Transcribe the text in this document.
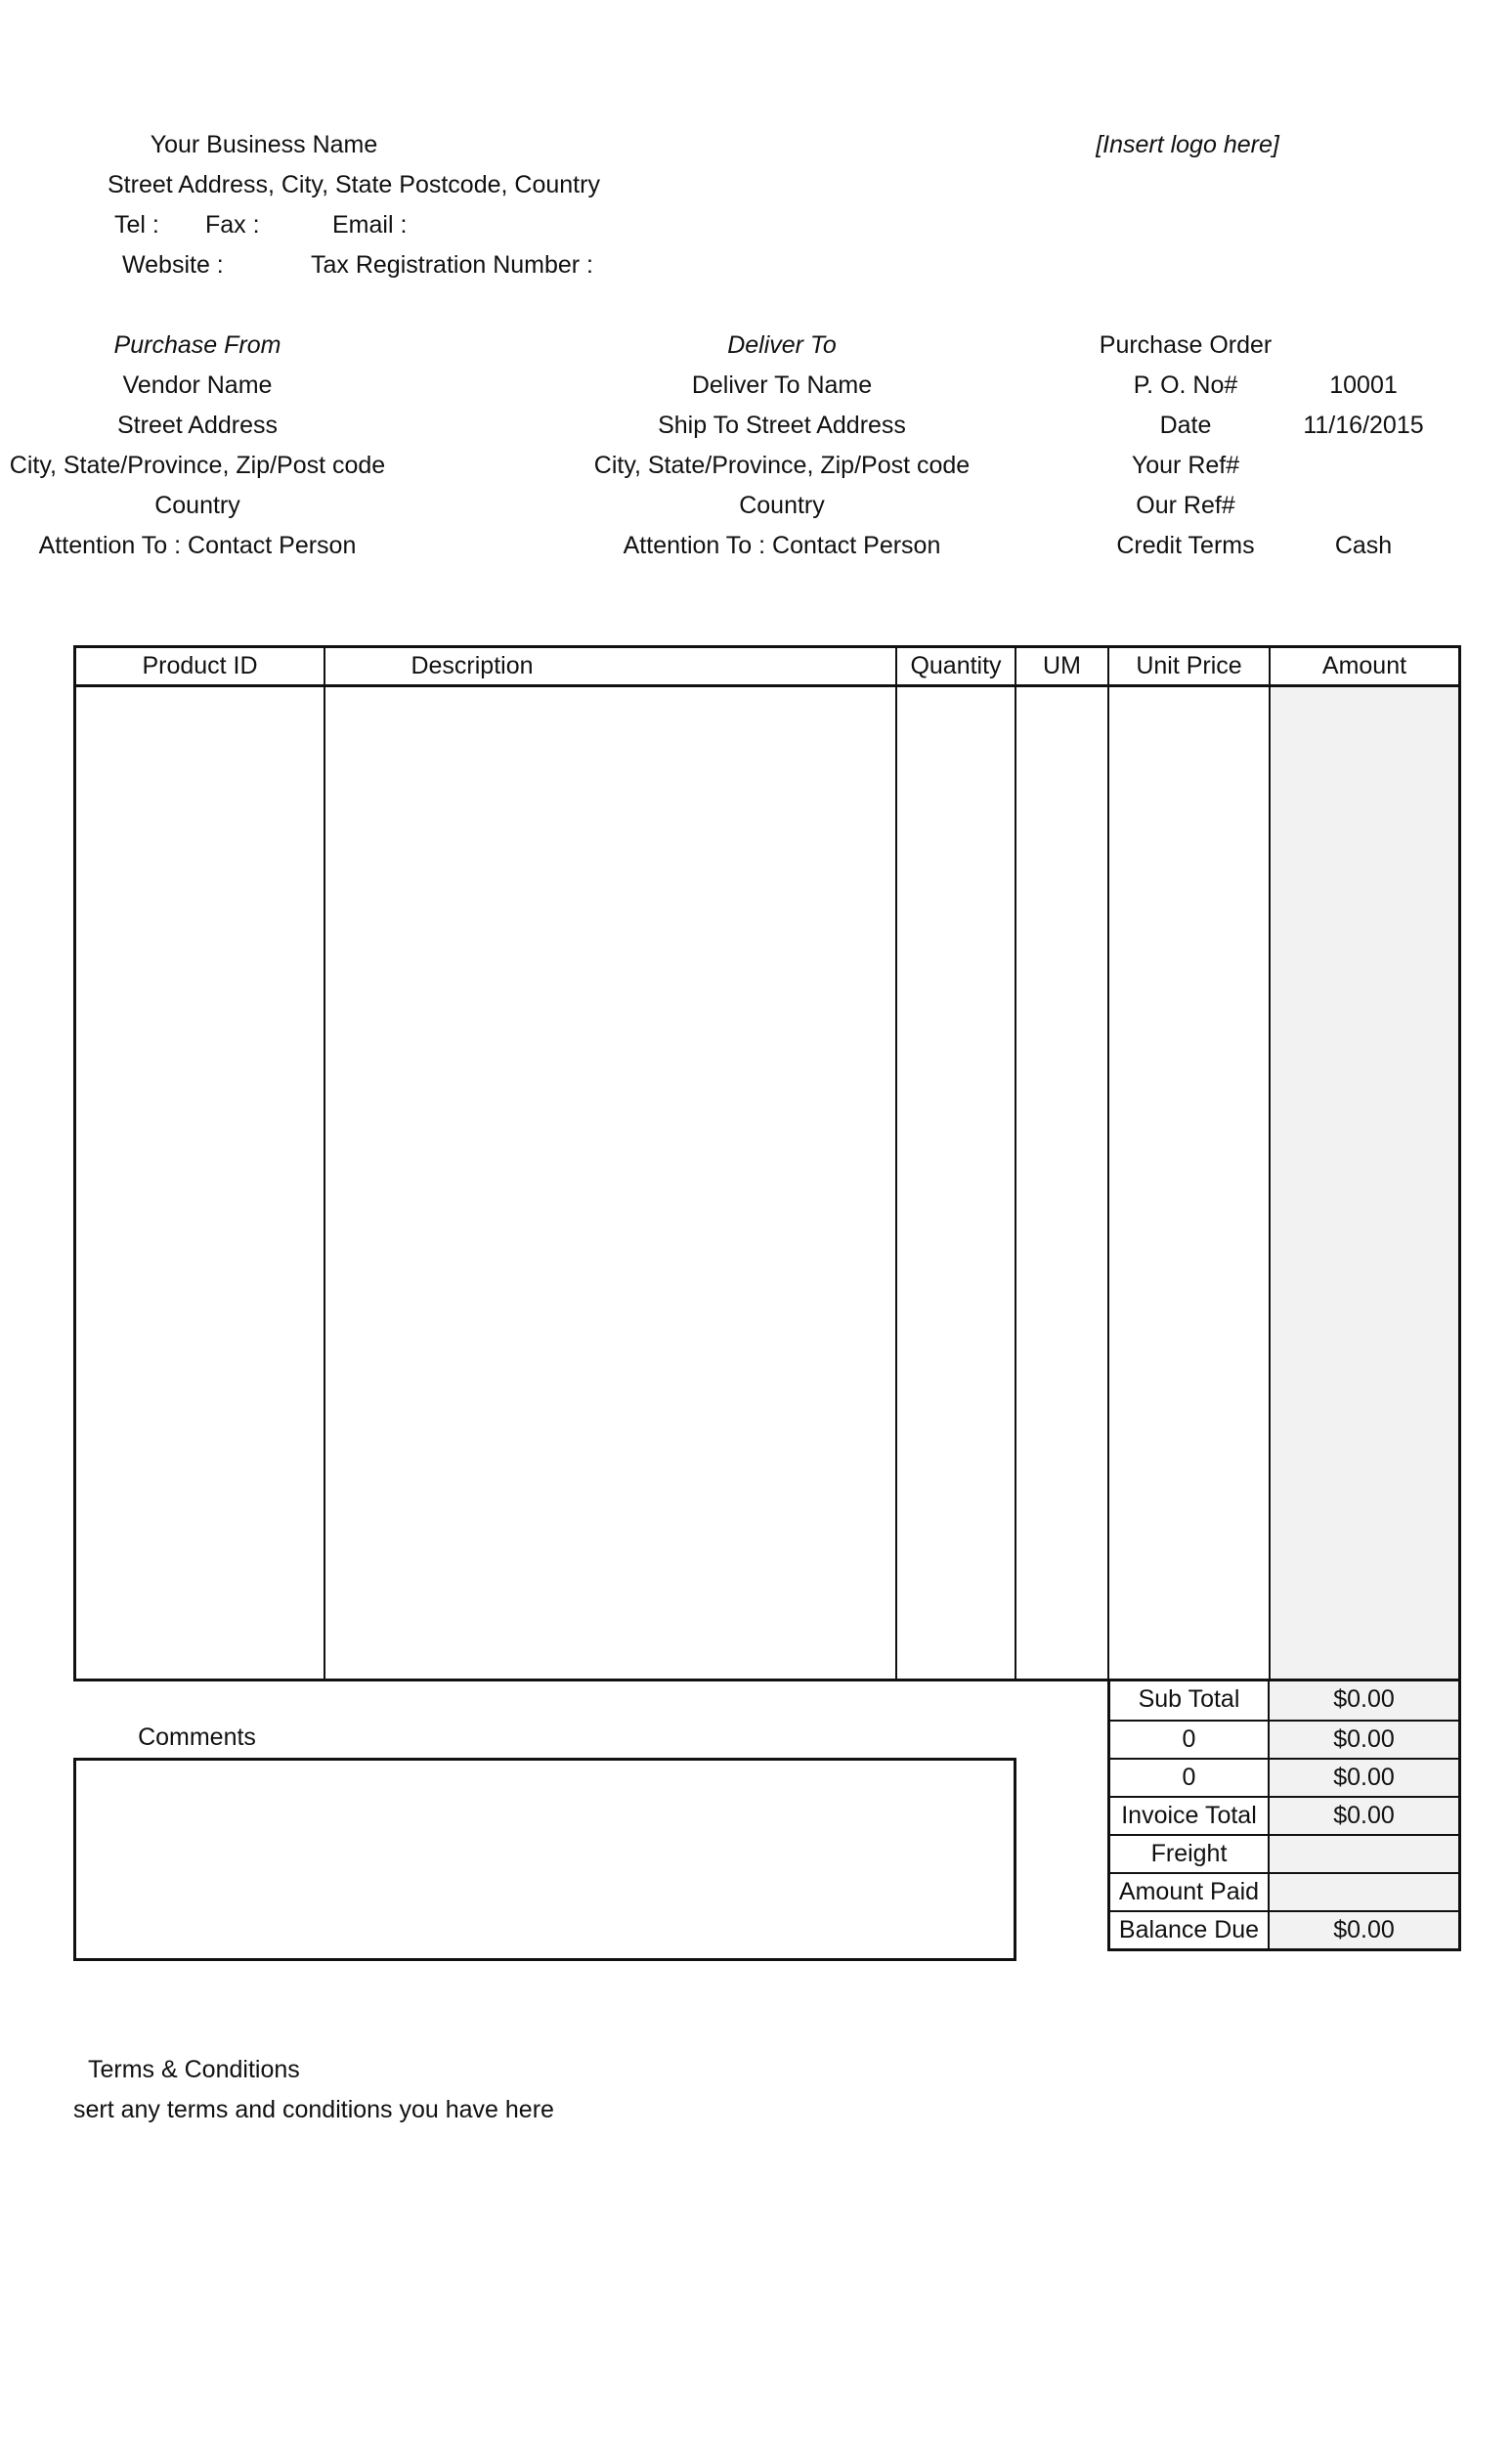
Your Business Name	[Insert logo here]
Street Address, City, State Postcode, Country
Tel : Fax :	Email :
Website :	Tax Registration Number :
Purchase From
Vendor Name
Street Address
City, State/Province, Zip/Post code
Country
Attention To : Contact Person
Deliver To
Deliver To Name
Ship To Street Address
City, State/Province, Zip/Post code
Country
Attention To : Contact Person
Purchase Order
P. O. No#	10001
Date	11/16/2015
Your Ref#
Our Ref#
Credit Terms	Cash
Product ID	Description	Quantity	UM	Unit Price	Amount
Sub Total	$0.00
0	$0.00
0	$0.00
Invoice Total	$0.00
Freight
Amount Paid
Balance Due	$0.00
Comments
Terms & Conditions
sert any terms and conditions you have here
